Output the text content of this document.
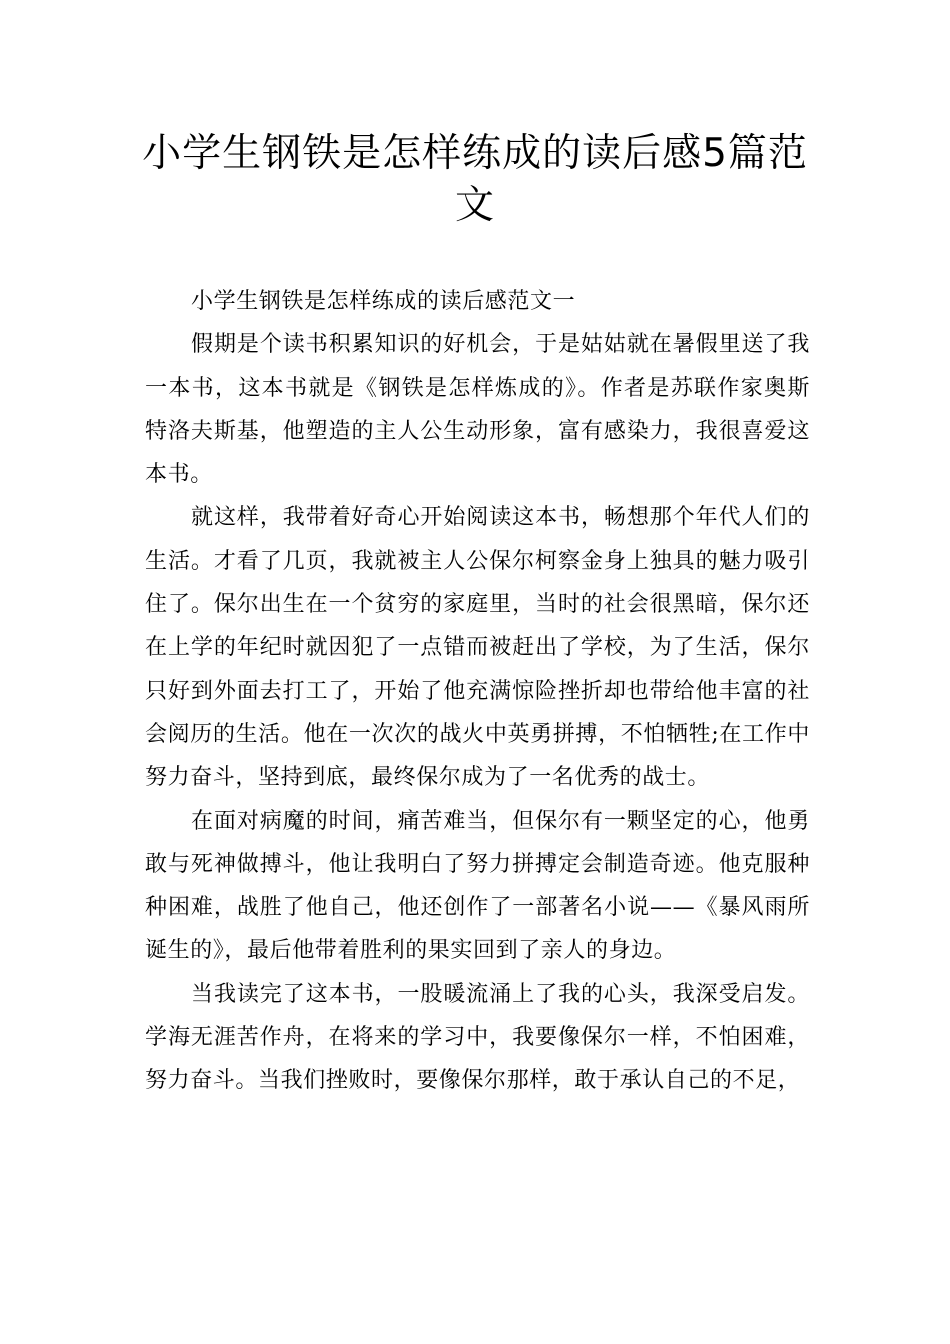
小学生钢铁是怎样练成的读后感5篇范文

小学生钢铁是怎样练成的读后感范文一

假期是个读书积累知识的好机会，于是姑姑就在暑假里送了我一本书，这本书就是《钢铁是怎样炼成的》。作者是苏联作家奥斯特洛夫斯基，他塑造的主人公生动形象，富有感染力，我很喜爱这本书。

就这样，我带着好奇心开始阅读这本书，畅想那个年代人们的生活。才看了几页，我就被主人公保尔柯察金身上独具的魅力吸引住了。保尔出生在一个贫穷的家庭里，当时的社会很黑暗，保尔还在上学的年纪时就因犯了一点错而被赶出了学校，为了生活，保尔只好到外面去打工了，开始了他充满惊险挫折却也带给他丰富的社会阅历的生活。他在一次次的战火中英勇拼搏，不怕牺牲;在工作中努力奋斗，坚持到底，最终保尔成为了一名优秀的战士。

在面对病魔的时间，痛苦难当，但保尔有一颗坚定的心，他勇敢与死神做搏斗，他让我明白了努力拼搏定会制造奇迹。他克服种种困难，战胜了他自己，他还创作了一部著名小说——《暴风雨所诞生的》，最后他带着胜利的果实回到了亲人的身边。

当我读完了这本书，一股暖流涌上了我的心头，我深受启发。学海无涯苦作舟，在将来的学习中，我要像保尔一样，不怕困难，努力奋斗。当我们挫败时，要像保尔那样，敢于承认自己的不足，
